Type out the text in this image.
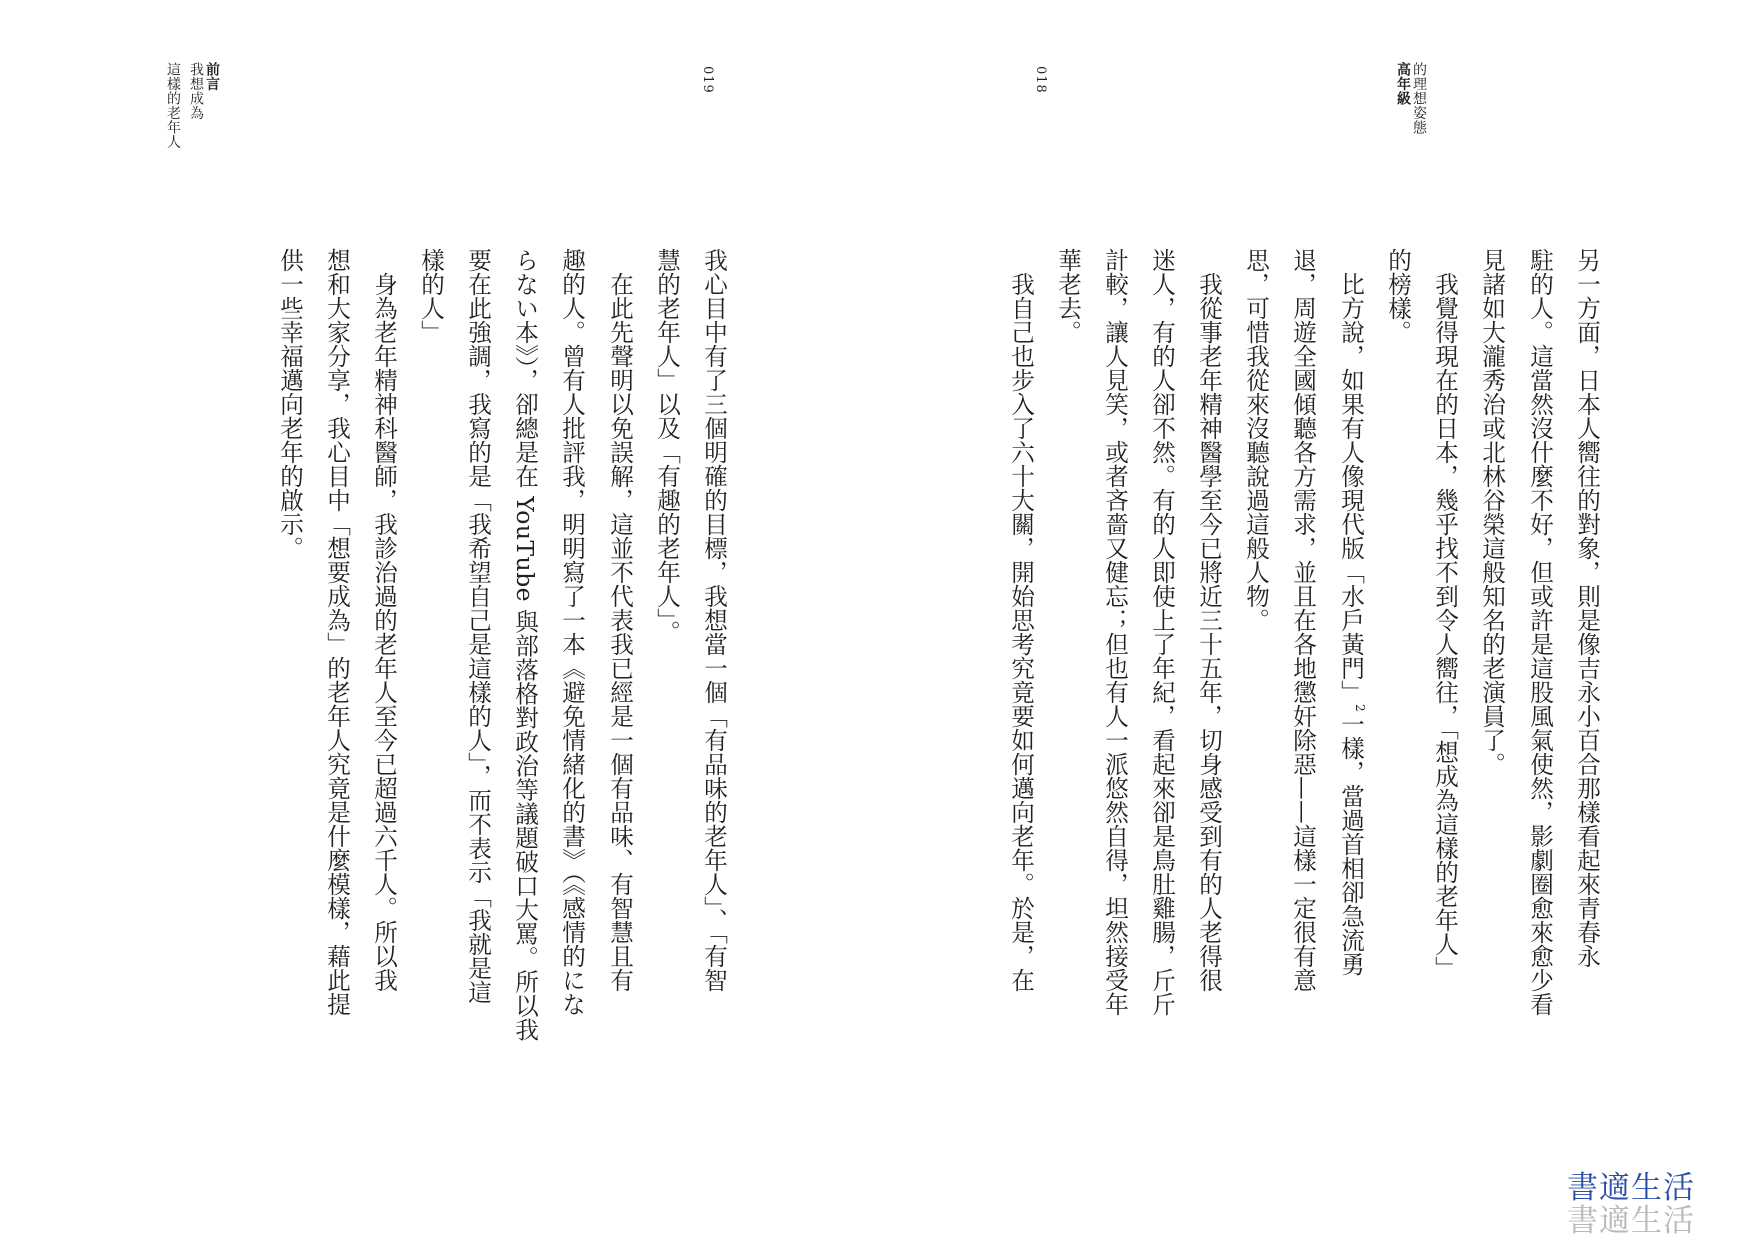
高年級 的理想姿態
018
另一方面，日本人嚮往的對象，則是像吉永小百合那樣看起來青春永
駐的人。這當然沒什麼不好，但或許是這股風氣使然，影劇圈愈來愈少看
見諸如大瀧秀治或北林谷榮這般知名的老演員了。
我覺得現在的日本，幾乎找不到令人嚮往，「想成為這樣的老年人」
的榜樣。
比方說，如果有人像現代版「水戶黃門」$^2$一樣，當過首相卻急流勇
退，周遊全國傾聽各方需求，並且在各地懲奸除惡——這樣一定很有意
思，可惜我從來沒聽說過這般人物。
我從事老年精神醫學至今已將近三十五年，切身感受到有的人老得很
迷人，有的人卻不然。有的人即使上了年紀，看起來卻是鳥肚雞腸，斤斤
計較，讓人見笑，或者吝嗇又健忘；但也有人一派悠然自得，坦然接受年
華老去。
我自己也步入了六十大關，開始思考究竟要如何邁向老年。於是，在
前言
我想成為
這樣的老年人	019
我心目中有了三個明確的目標，我想當一個「有品味的老年人」、「有智
慧的老年人」以及「有趣的老年人」。
在此先聲明以免誤解，這並不代表我已經是一個有品味、有智慧且有
趣的人。曾有人批評我，明明寫了一本《避免情緒化的書》（《感情的にな
らない本》），卻總是在 YouTube 與部落格對政治等議題破口大罵。所以我
要在此強調，我寫的是「我希望自己是這樣的人」，而不表示「我就是這
樣的人」
身為老年精神科醫師，我診治過的老年人至今已超過六千人。所以我
想和大家分享，我心目中「想要成為」的老年人究竟是什麼模樣，藉此提
供一些幸福邁向老年的啟示。
書適生活
書適生活
